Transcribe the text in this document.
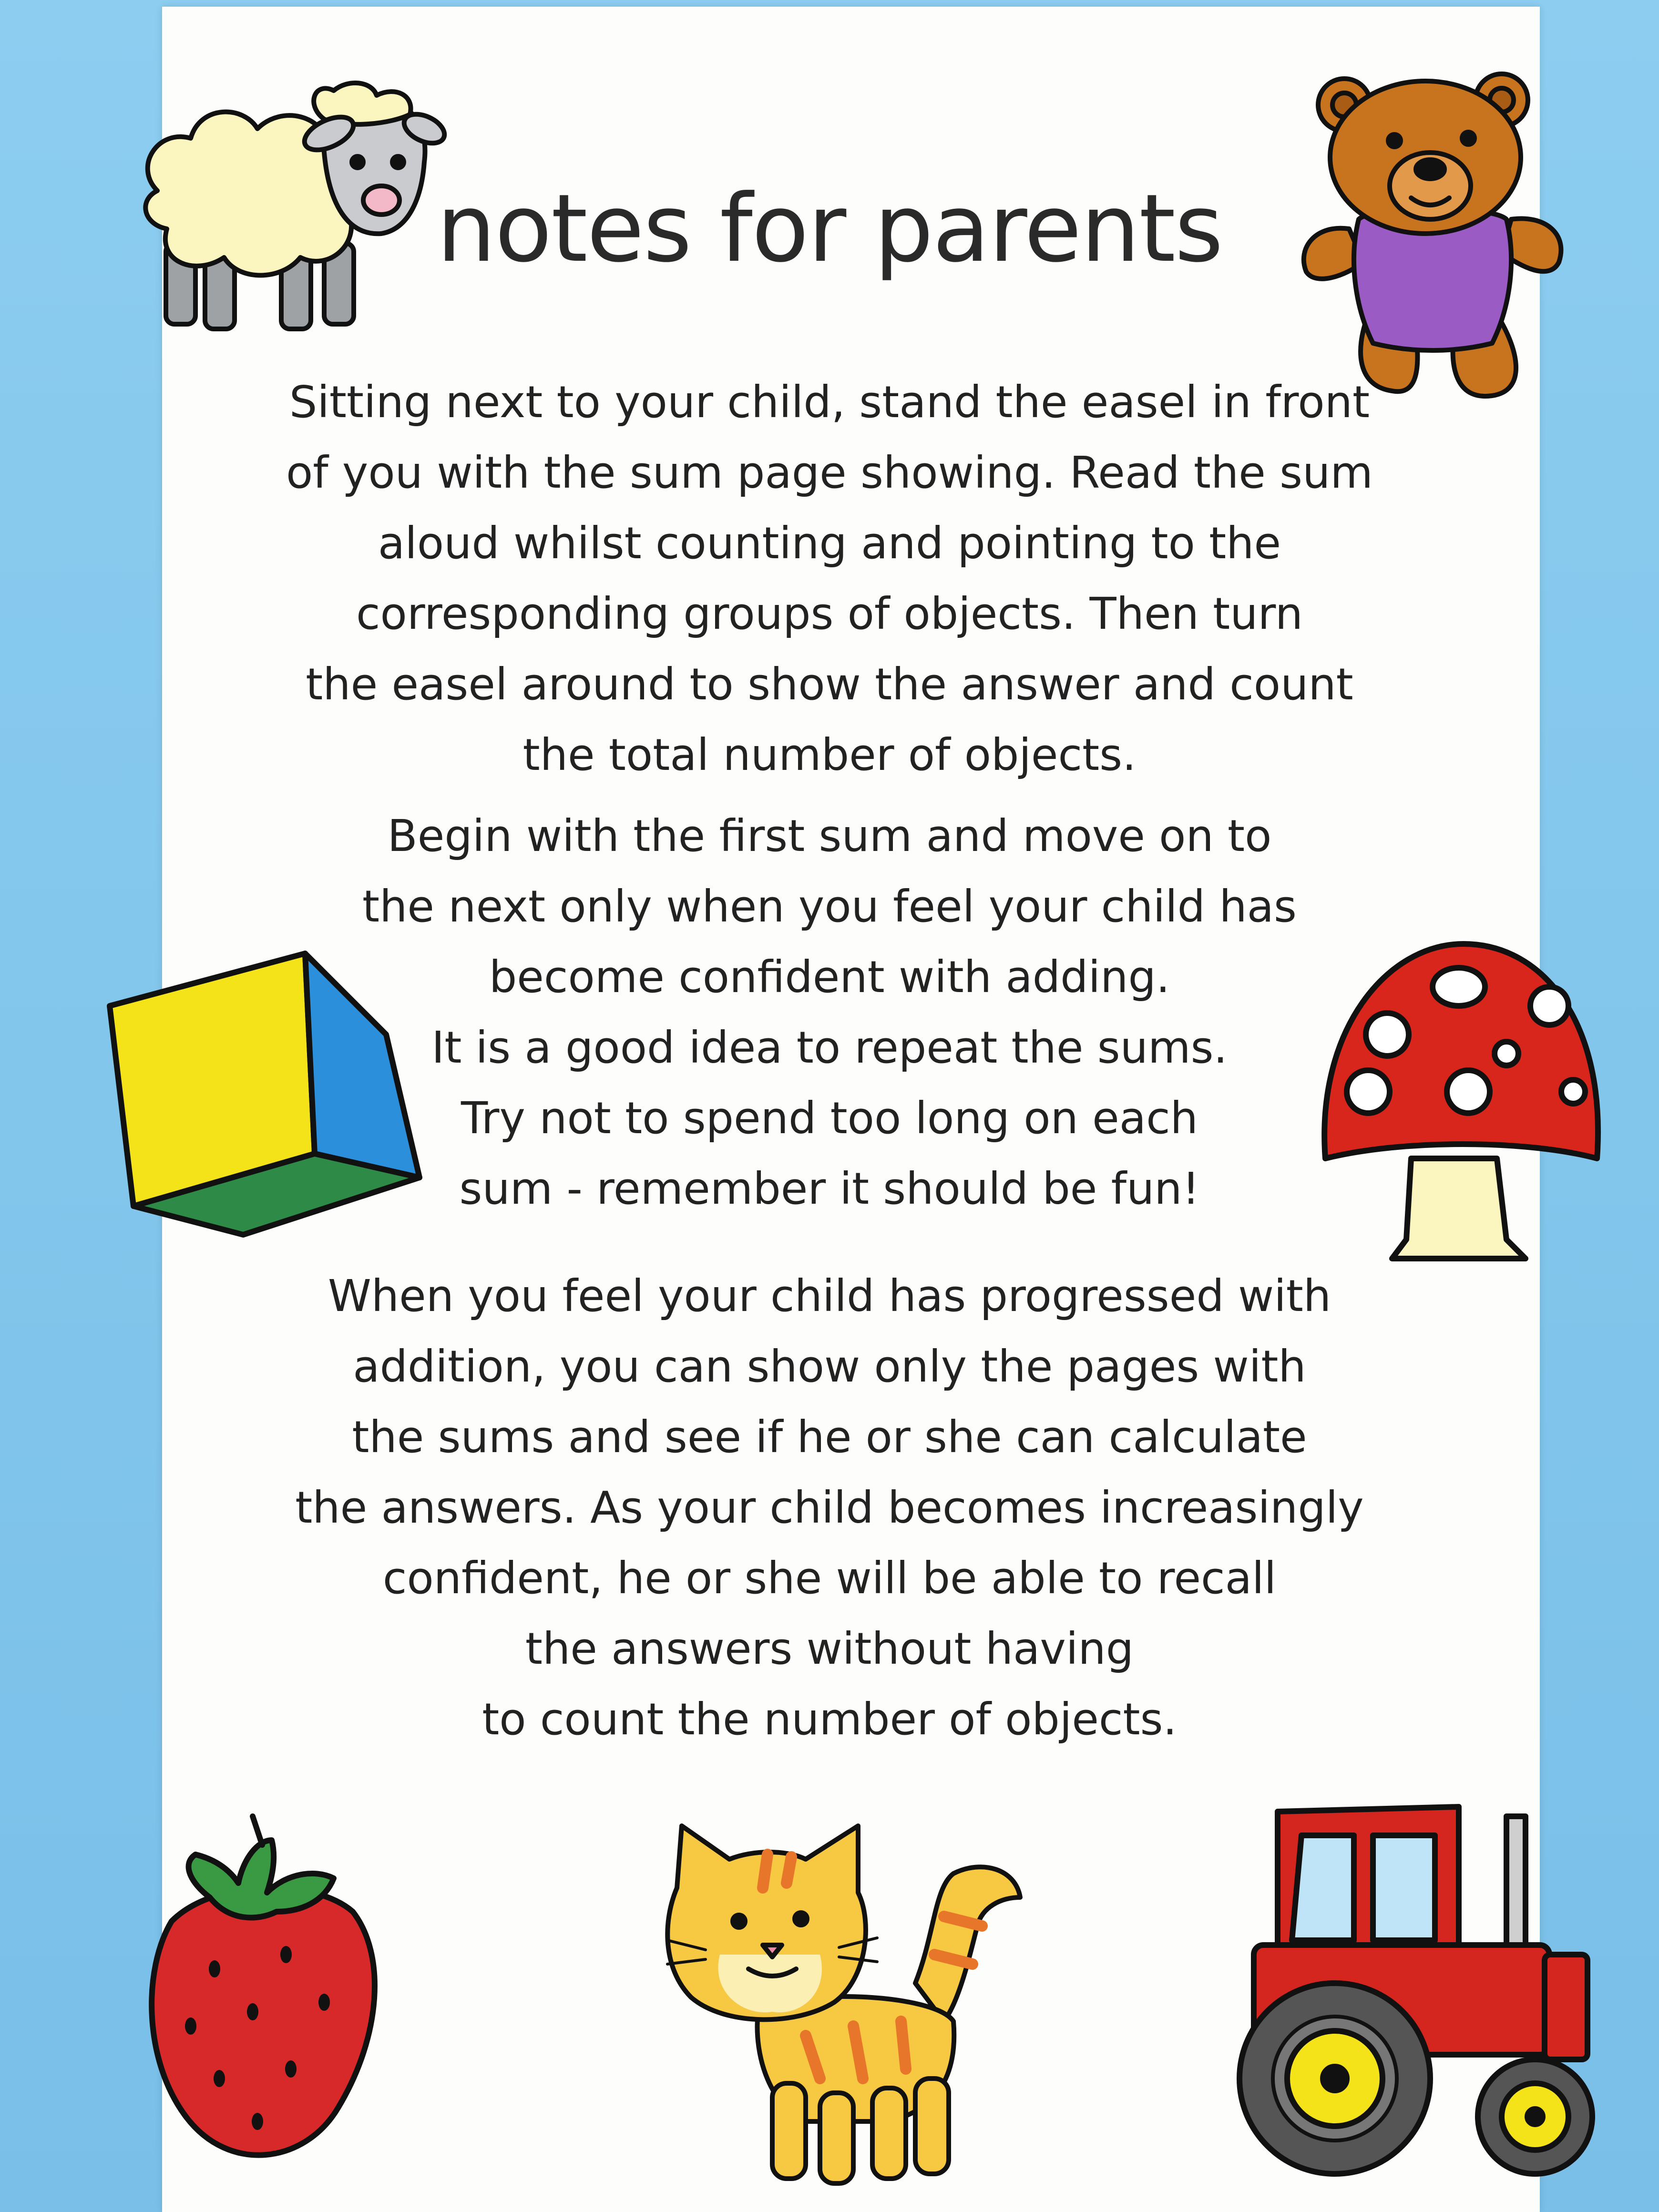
notes for parents

Sitting next to your child, stand the easel in front
of you with the sum page showing. Read the sum
aloud whilst counting and pointing to the
corresponding groups of objects. Then turn
the easel around to show the answer and count
the total number of objects.

Begin with the first sum and move on to
the next only when you feel your child has
become confident with adding.
It is a good idea to repeat the sums.
Try not to spend too long on each
sum - remember it should be fun!

When you feel your child has progressed with
addition, you can show only the pages with
the sums and see if he or she can calculate
the answers. As your child becomes increasingly
confident, he or she will be able to recall
the answers without having
to count the number of objects.
